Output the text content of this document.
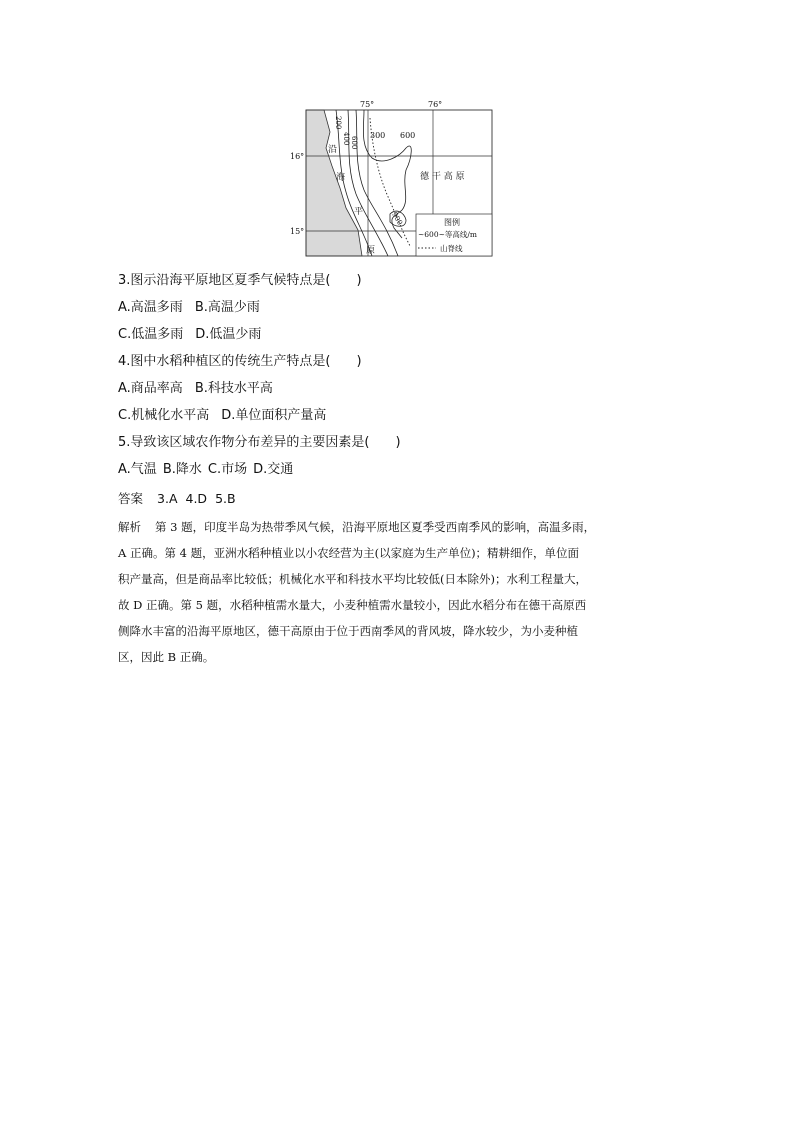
75°	76°
16°
15°
沿
海
平
原
德 干 高 原
200
400 600
300 600
900	图例
~600~等高线/m
山脊线
3.图示沿海平原地区夏季气候特点是(　　)
A.高温多雨 B.高温少雨
C.低温多雨 D.低温少雨
4.图中水稻种植区的传统生产特点是(　　)
A.商品率高 B.科技水平高
C.机械化水平高 D.单位面积产量高
5.导致该区域农作物分布差异的主要因素是(　　)
A.气温 B.降水 C.市场 D.交通
答案 3.A 4.D 5.B
解析 第 3 题，印度半岛为热带季风气候，沿海平原地区夏季受西南季风的影响，高温多雨，
A 正确。第 4 题，亚洲水稻种植业以小农经营为主(以家庭为生产单位)；精耕细作，单位面
积产量高，但是商品率比较低；机械化水平和科技水平均比较低(日本除外)；水利工程量大，
故 D 正确。第 5 题，水稻种植需水量大，小麦种植需水量较小，因此水稻分布在德干高原西
侧降水丰富的沿海平原地区，德干高原由于位于西南季风的背风坡，降水较少，为小麦种植
区，因此 B 正确。
